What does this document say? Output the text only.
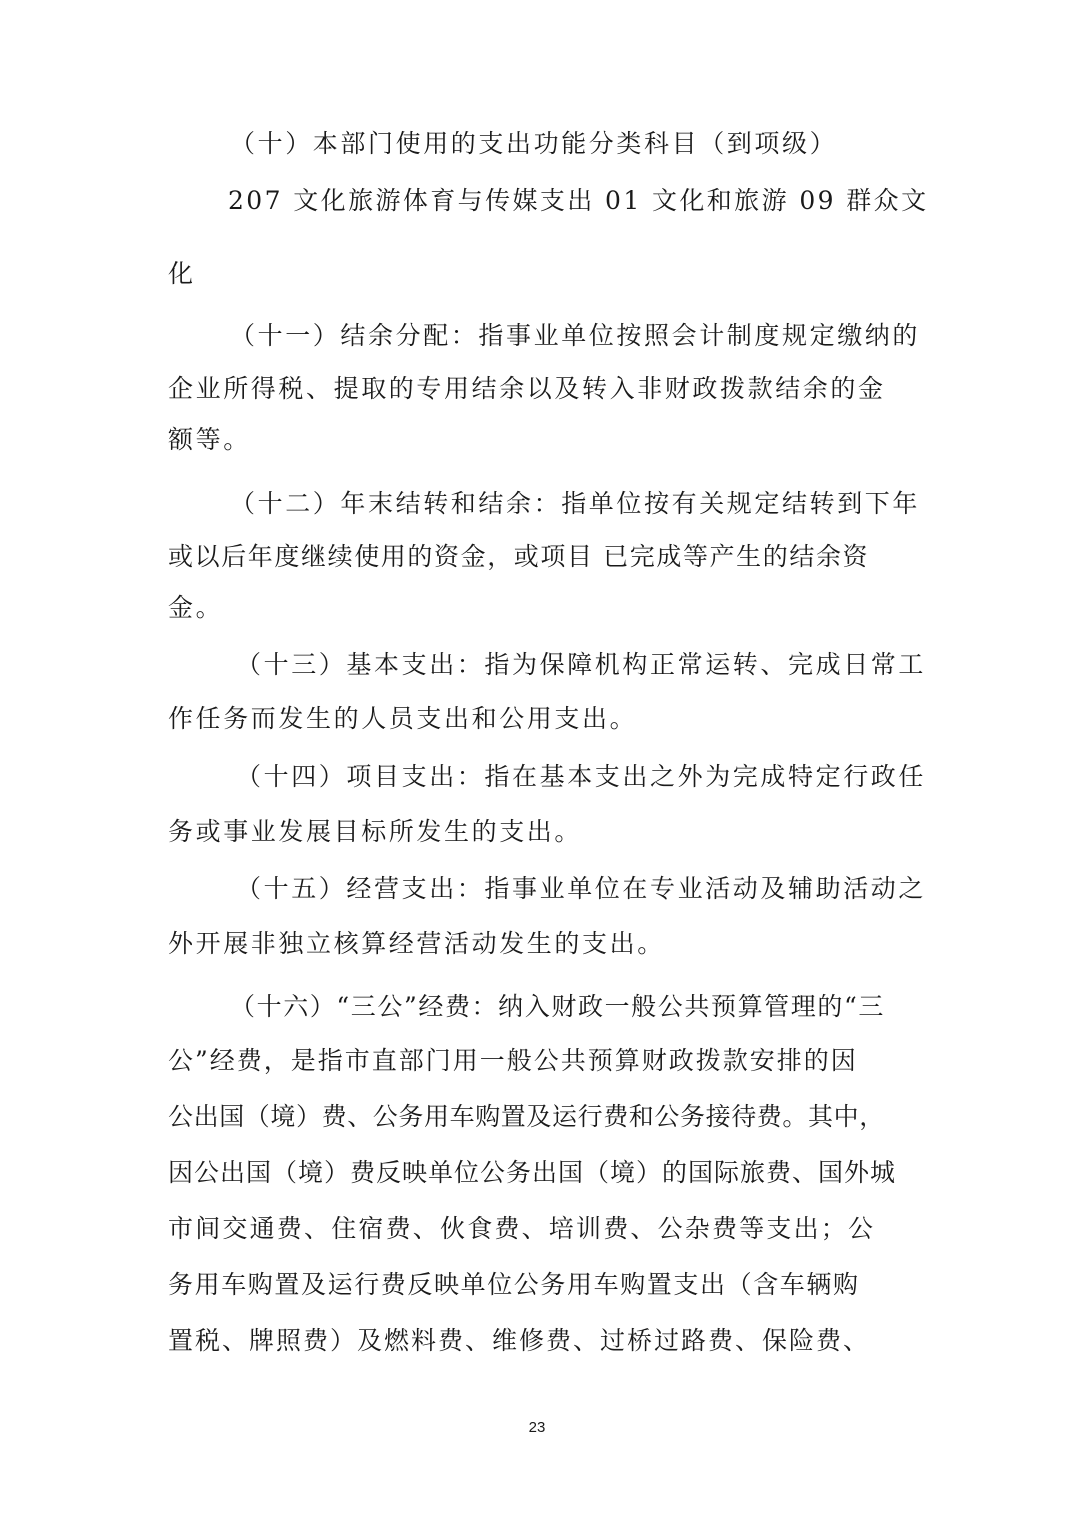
（十）本部门使用的支出功能分类科目（到项级）
207 文化旅游体育与传媒支出 01 文化和旅游 09 群众文
化
（十一）结余分配：指事业单位按照会计制度规定缴纳的
企业所得税、提取的专用结余以及转入非财政拨款结余的金
额等。
（十二）年末结转和结余：指单位按有关规定结转到下年
或以后年度继续使用的资金，或项目 已完成等产生的结余资
金。
（十三）基本支出：指为保障机构正常运转、完成日常工
作任务而发生的人员支出和公用支出。
（十四）项目支出：指在基本支出之外为完成特定行政任
务或事业发展目标所发生的支出。
（十五）经营支出：指事业单位在专业活动及辅助活动之
外开展非独立核算经营活动发生的支出。
（十六）“三公”经费：纳入财政一般公共预算管理的“三
公”经费，是指市直部门用一般公共预算财政拨款安排的因
公出国（境）费、公务用车购置及运行费和公务接待费。其中，
因公出国（境）费反映单位公务出国（境）的国际旅费、国外城
市间交通费、住宿费、伙食费、培训费、公杂费等支出；公
务用车购置及运行费反映单位公务用车购置支出（含车辆购
置税、牌照费）及燃料费、维修费、过桥过路费、保险费、
23
